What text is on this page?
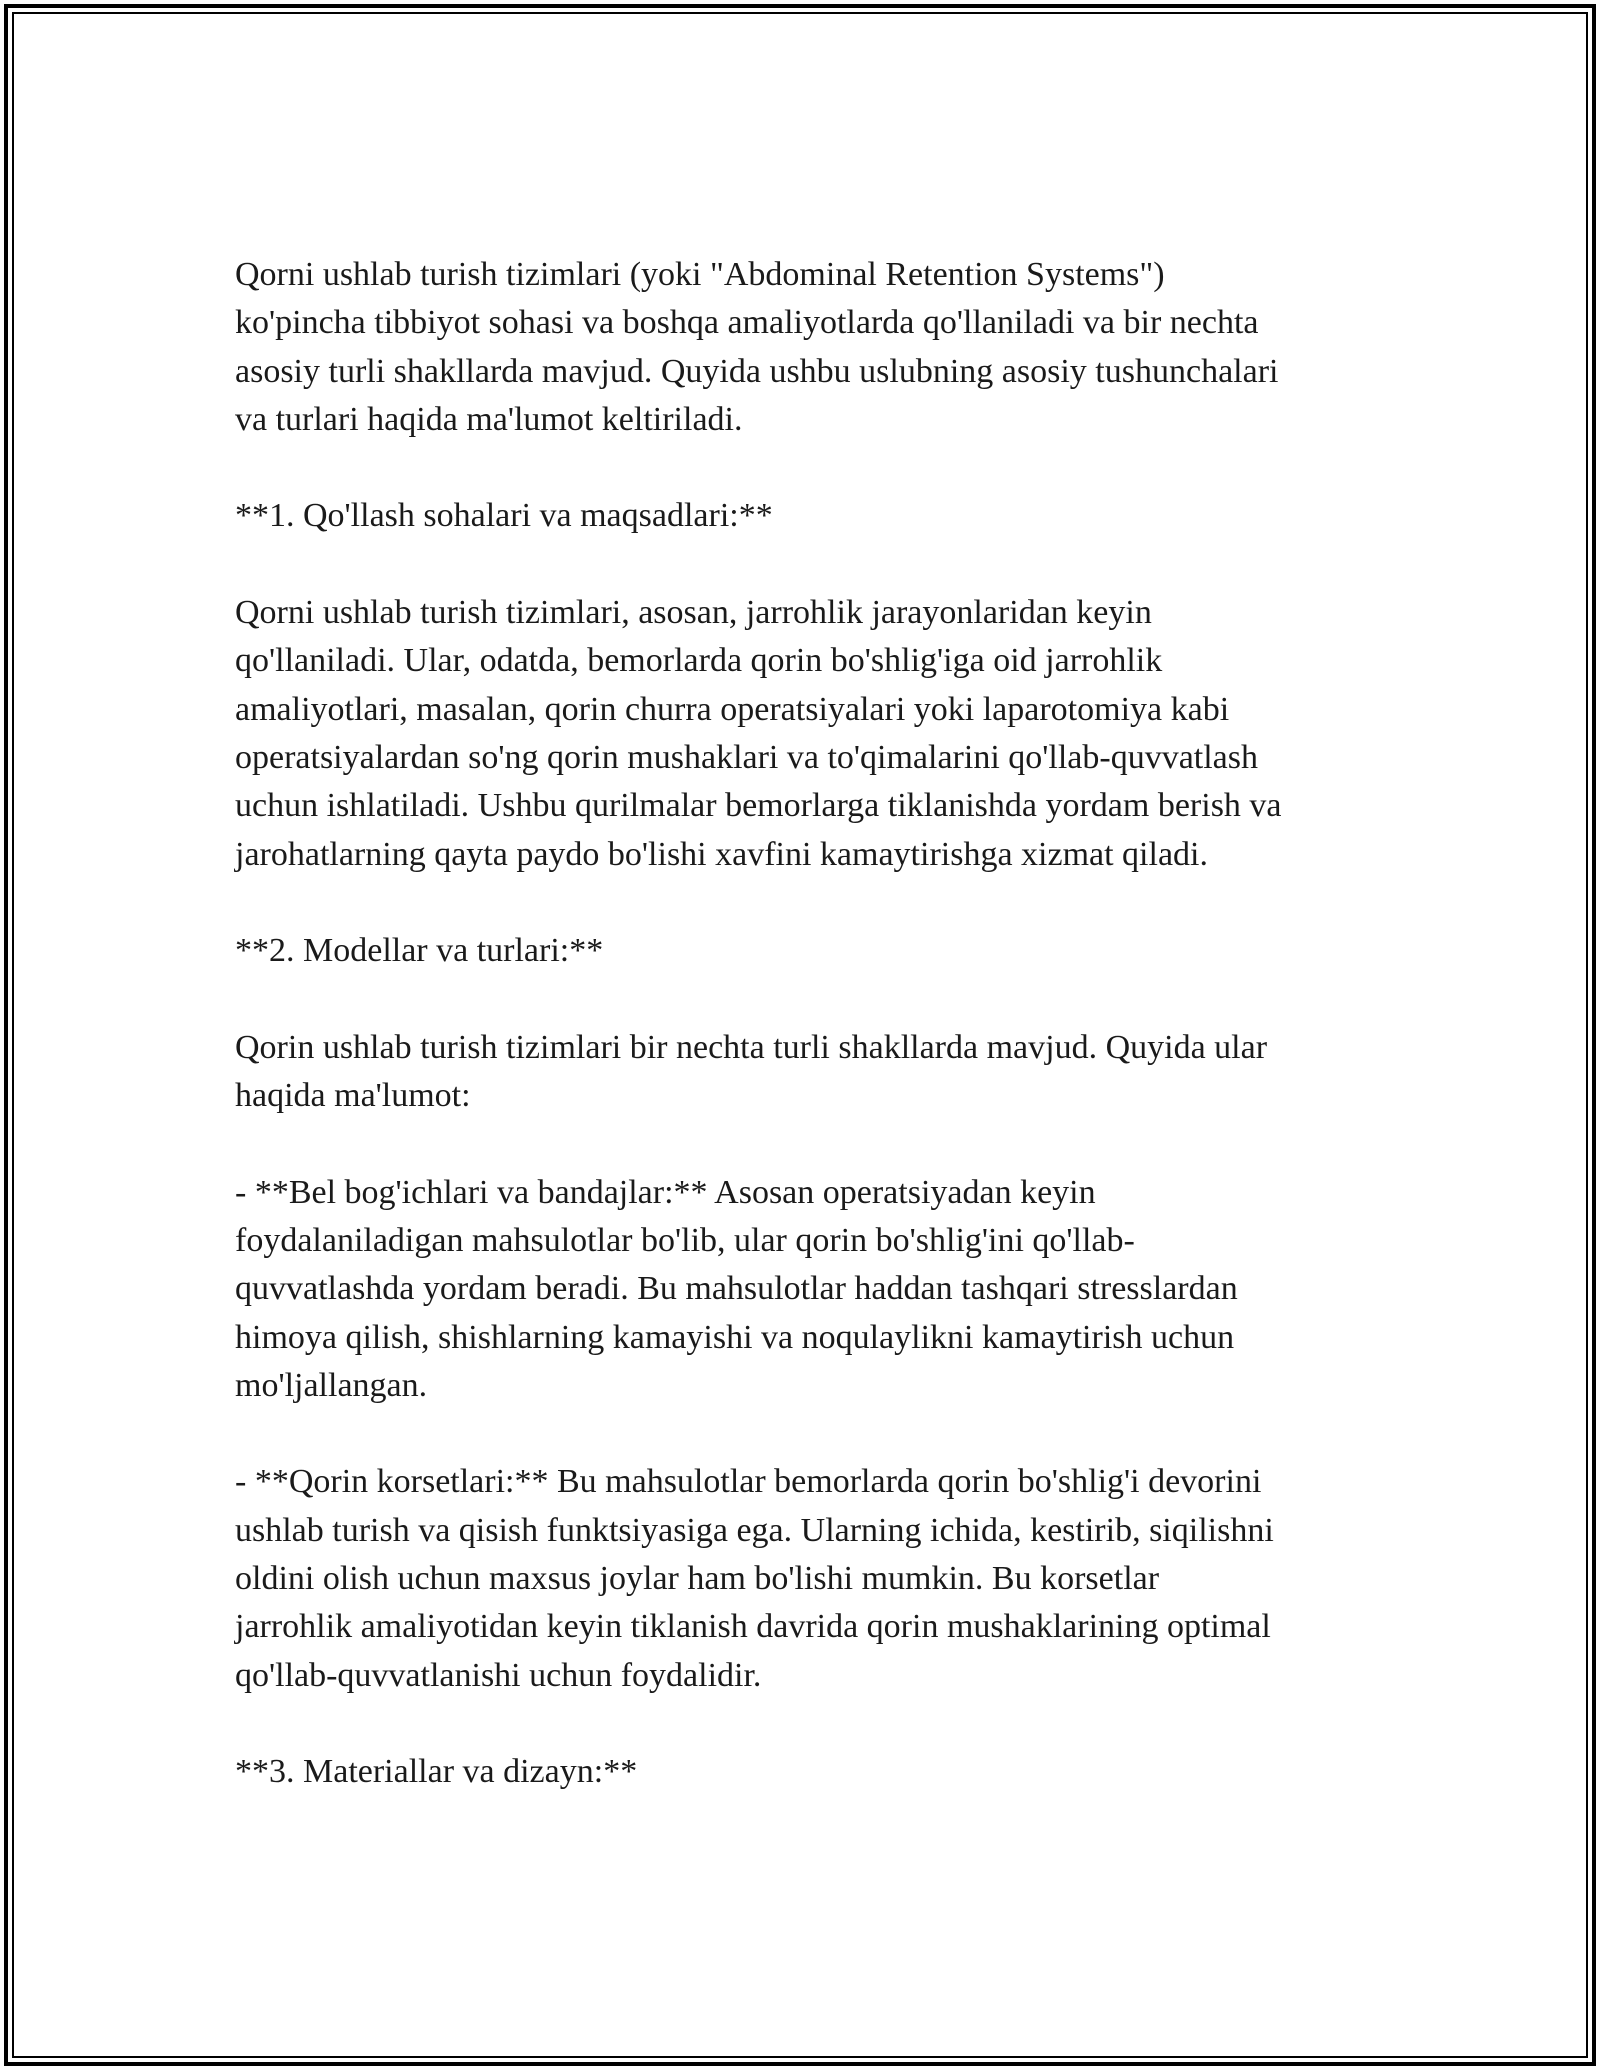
Qorni ushlab turish tizimlari (yoki "Abdominal Retention Systems")
ko'pincha tibbiyot sohasi va boshqa amaliyotlarda qo'llaniladi va bir nechta
asosiy turli shakllarda mavjud. Quyida ushbu uslubning asosiy tushunchalari
va turlari haqida ma'lumot keltiriladi.

**1. Qo'llash sohalari va maqsadlari:**

Qorni ushlab turish tizimlari, asosan, jarrohlik jarayonlaridan keyin
qo'llaniladi. Ular, odatda, bemorlarda qorin bo'shlig'iga oid jarrohlik
amaliyotlari, masalan, qorin churra operatsiyalari yoki laparotomiya kabi
operatsiyalardan so'ng qorin mushaklari va to'qimalarini qo'llab-quvvatlash
uchun ishlatiladi. Ushbu qurilmalar bemorlarga tiklanishda yordam berish va
jarohatlarning qayta paydo bo'lishi xavfini kamaytirishga xizmat qiladi.

**2. Modellar va turlari:**

Qorin ushlab turish tizimlari bir nechta turli shakllarda mavjud. Quyida ular
haqida ma'lumot:

- **Bel bog'ichlari va bandajlar:** Asosan operatsiyadan keyin
foydalaniladigan mahsulotlar bo'lib, ular qorin bo'shlig'ini qo'llab-
quvvatlashda yordam beradi. Bu mahsulotlar haddan tashqari stresslardan
himoya qilish, shishlarning kamayishi va noqulaylikni kamaytirish uchun
mo'ljallangan.

- **Qorin korsetlari:** Bu mahsulotlar bemorlarda qorin bo'shlig'i devorini
ushlab turish va qisish funktsiyasiga ega. Ularning ichida, kestirib, siqilishni
oldini olish uchun maxsus joylar ham bo'lishi mumkin. Bu korsetlar
jarrohlik amaliyotidan keyin tiklanish davrida qorin mushaklarining optimal
qo'llab-quvvatlanishi uchun foydalidir.

**3. Materiallar va dizayn:**
